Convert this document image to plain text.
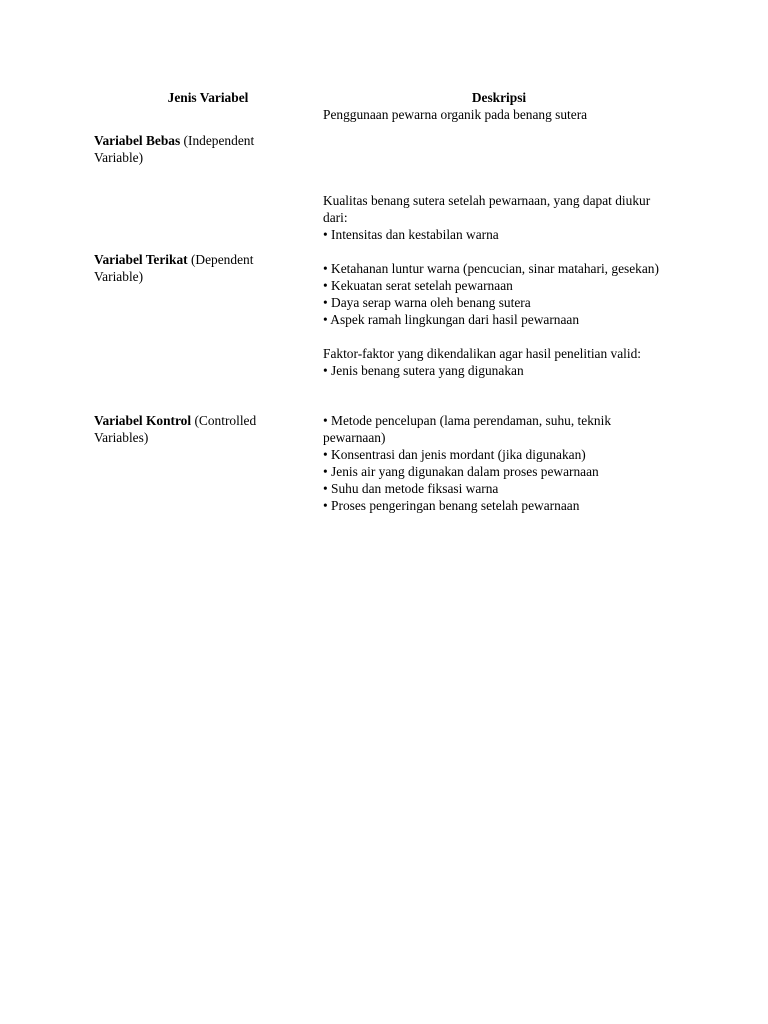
Jenis Variabel	Deskripsi

Penggunaan pewarna organik pada benang sutera

Variabel Bebas (Independent Variable)

Kualitas benang sutera setelah pewarnaan, yang dapat diukur dari:

• Intensitas dan kestabilan warna

Variabel Terikat (Dependent Variable)

• Ketahanan luntur warna (pencucian, sinar matahari, gesekan)

• Kekuatan serat setelah pewarnaan

• Daya serap warna oleh benang sutera

• Aspek ramah lingkungan dari hasil pewarnaan

Faktor-faktor yang dikendalikan agar hasil penelitian valid:

• Jenis benang sutera yang digunakan

Variabel Kontrol (Controlled Variables)

• Metode pencelupan (lama perendaman, suhu, teknik pewarnaan)

• Konsentrasi dan jenis mordant (jika digunakan)

• Jenis air yang digunakan dalam proses pewarnaan

• Suhu dan metode fiksasi warna

• Proses pengeringan benang setelah pewarnaan
